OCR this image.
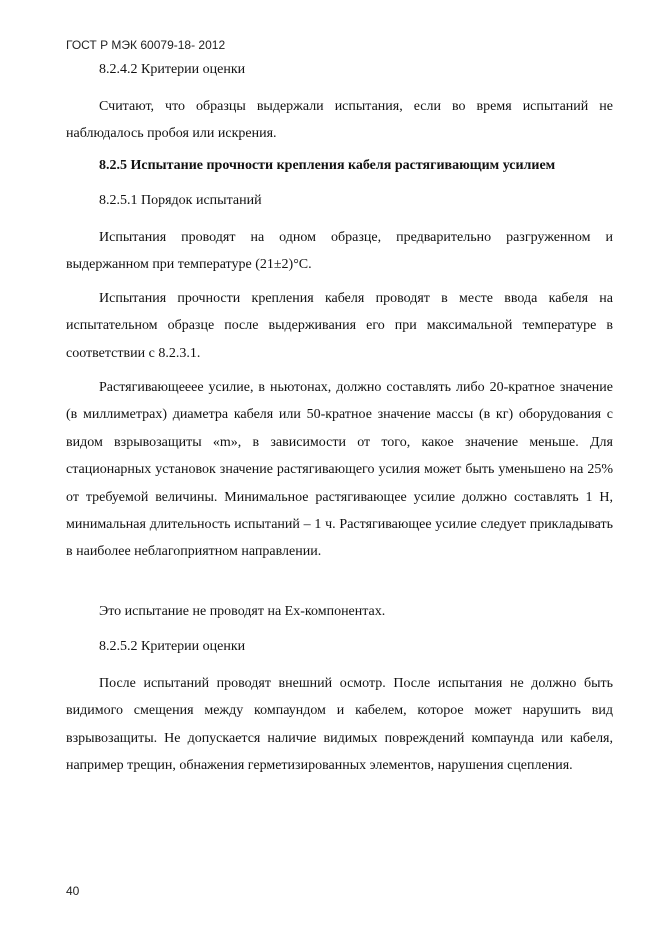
ГОСТ Р МЭК 60079-18- 2012
8.2.4.2 Критерии оценки

Считают, что образцы выдержали испытания, если во время испытаний не наблюдалось пробоя или искрения.

8.2.5 Испытание прочности крепления кабеля растягивающим усилием
8.2.5.1 Порядок испытаний

Испытания проводят на одном образце, предварительно разгруженном и выдержанном при температуре (21±2)°С.

Испытания прочности крепления кабеля проводят в месте ввода кабеля на испытательном образце после выдерживания его при максимальной температуре в соответствии с 8.2.3.1.

Растягивающееее усилие, в ньютонах, должно составлять либо 20-кратное значение (в миллиметрах) диаметра кабеля или 50-кратное значение массы (в кг) оборудования с видом взрывозащиты «m», в зависимости от того, какое значение меньше. Для стационарных установок значение растягивающего усилия может быть уменьшено на 25% от требуемой величины. Минимальное растягивающее усилие должно составлять 1 Н, минимальная длительность испытаний – 1 ч. Растягивающее усилие следует прикладывать в наиболее неблагоприятном направлении.

Это испытание не проводят на Ex-компонентах.
8.2.5.2 Критерии оценки

После испытаний проводят внешний осмотр. После испытания не должно быть видимого смещения между компаундом и кабелем, которое может нарушить вид взрывозащиты. Не допускается наличие видимых повреждений компаунда или кабеля, например трещин, обнажения герметизированных элементов, нарушения сцепления.

40
